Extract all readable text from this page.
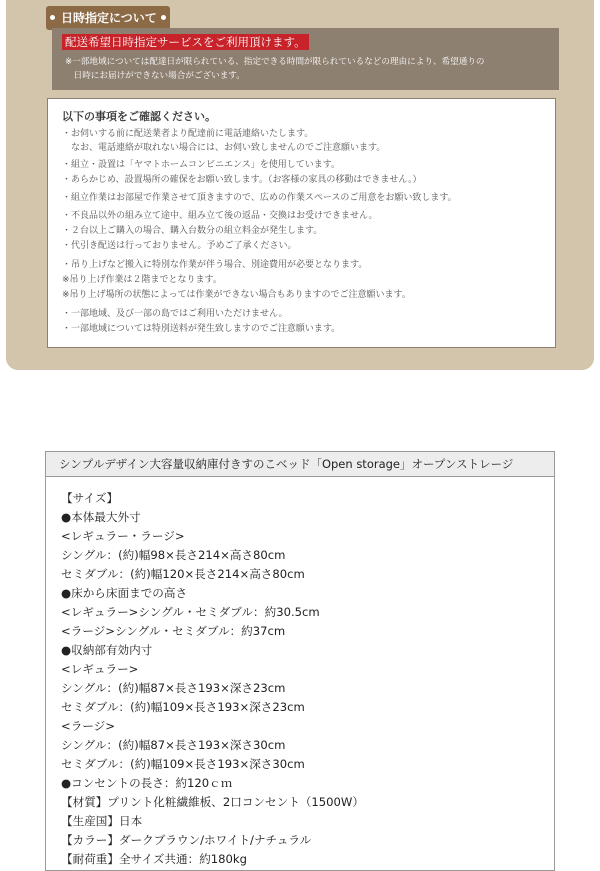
日時指定について
配送希望日時指定サービスをご利用頂けます。
※一部地域については配達日が限られている、指定できる時間が限られているなどの理由により、希望通りの
　日時にお届けができない場合がございます。
以下の事項をご確認ください。
・お伺いする前に配送業者より配達前に電話連絡いたします。
　なお、電話連絡が取れない場合には、お伺い致しませんのでご注意願います。
・組立・設置は「ヤマトホームコンビニエンス」を使用しています。
・あらかじめ、設置場所の確保をお願い致します。（お客様の家具の移動はできません。）
・組立作業はお部屋で作業させて頂きますので、広めの作業スペースのご用意をお願い致します。
・不良品以外の組み立て途中、組み立て後の返品・交換はお受けできません。
・２台以上ご購入の場合、購入台数分の組立料金が発生します。
・代引き配送は行っておりません。予めご了承ください。
・吊り上げなど搬入に特別な作業が伴う場合、別途費用が必要となります。
※吊り上げ作業は２階までとなります。
※吊り上げ場所の状態によっては作業ができない場合もありますのでご注意願います。
・一部地域、及び一部の島ではご利用いただけません。
・一部地域については特別送料が発生致しますのでご注意願います。
シンプルデザイン大容量収納庫付きすのこベッド「Open storage」オープンストレージ
【サイズ】
●本体最大外寸
<レギュラー・ラージ>
シングル：(約)幅98×長さ214×高さ80cm
セミダブル：(約)幅120×長さ214×高さ80cm
●床から床面までの高さ
<レギュラー>シングル・セミダブル：約30.5cm
<ラージ>シングル・セミダブル：約37cm
●収納部有効内寸
<レギュラー>
シングル：(約)幅87×長さ193×深さ23cm
セミダブル：(約)幅109×長さ193×深さ23cm
<ラージ>
シングル：(約)幅87×長さ193×深さ30cm
セミダブル：(約)幅109×長さ193×深さ30cm
●コンセントの長さ：約120ｃｍ
【材質】プリント化粧繊維板、2口コンセント（1500W）
【生産国】日本
【カラー】ダークブラウン/ホワイト/ナチュラル
【耐荷重】全サイズ共通：約180kg
